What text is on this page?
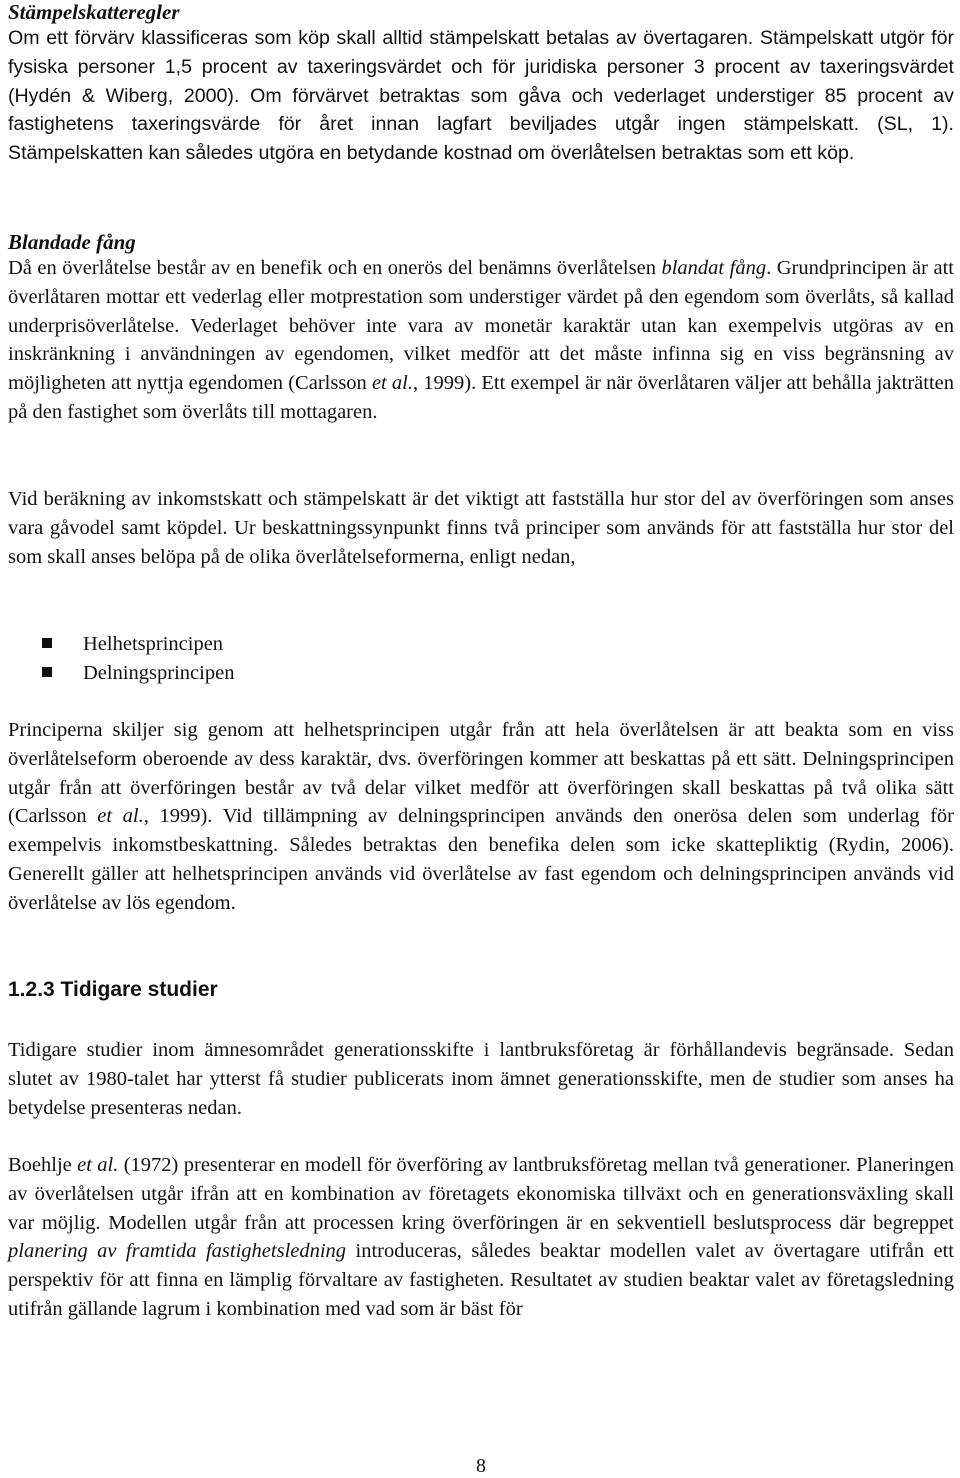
Stämpelskatteregler

Om ett förvärv klassificeras som köp skall alltid stämpelskatt betalas av övertagaren. Stämpelskatt utgör för fysiska personer 1,5 procent av taxeringsvärdet och för juridiska personer 3 procent av taxeringsvärdet (Hydén & Wiberg, 2000). Om förvärvet betraktas som gåva och vederlaget understiger 85 procent av fastighetens taxeringsvärde för året innan lagfart beviljades utgår ingen stämpelskatt. (SL, 1). Stämpelskatten kan således utgöra en betydande kostnad om överlåtelsen betraktas som ett köp.

Blandade fång

Då en överlåtelse består av en benefik och en onerös del benämns överlåtelsen blandat fång. Grundprincipen är att överlåtaren mottar ett vederlag eller motprestation som understiger värdet på den egendom som överlåts, så kallad underprisöverlåtelse. Vederlaget behöver inte vara av monetär karaktär utan kan exempelvis utgöras av en inskränkning i användningen av egendomen, vilket medför att det måste infinna sig en viss begränsning av möjligheten att nyttja egendomen (Carlsson et al., 1999). Ett exempel är när överlåtaren väljer att behålla jakträtten på den fastighet som överlåts till mottagaren.

Vid beräkning av inkomstskatt och stämpelskatt är det viktigt att fastställa hur stor del av överföringen som anses vara gåvodel samt köpdel. Ur beskattningssynpunkt finns två principer som används för att fastställa hur stor del som skall anses belöpa på de olika överlåtelseformerna, enligt nedan,

Helhetsprincipen
Delningsprincipen

Principerna skiljer sig genom att helhetsprincipen utgår från att hela överlåtelsen är att beakta som en viss överlåtelseform oberoende av dess karaktär, dvs. överföringen kommer att beskattas på ett sätt. Delningsprincipen utgår från att överföringen består av två delar vilket medför att överföringen skall beskattas på två olika sätt (Carlsson et al., 1999). Vid tillämpning av delningsprincipen används den onerösa delen som underlag för exempelvis inkomstbeskattning. Således betraktas den benefika delen som icke skattepliktig (Rydin, 2006). Generellt gäller att helhetsprincipen används vid överlåtelse av fast egendom och delningsprincipen används vid överlåtelse av lös egendom.

1.2.3 Tidigare studier

Tidigare studier inom ämnesområdet generationsskifte i lantbruksföretag är förhållandevis begränsade. Sedan slutet av 1980-talet har ytterst få studier publicerats inom ämnet generationsskifte, men de studier som anses ha betydelse presenteras nedan.

Boehlje et al. (1972) presenterar en modell för överföring av lantbruksföretag mellan två generationer. Planeringen av överlåtelsen utgår ifrån att en kombination av företagets ekonomiska tillväxt och en generationsväxling skall var möjlig. Modellen utgår från att processen kring överföringen är en sekventiell beslutsprocess där begreppet planering av framtida fastighetsledning introduceras, således beaktar modellen valet av övertagare utifrån ett perspektiv för att finna en lämplig förvaltare av fastigheten. Resultatet av studien beaktar valet av företagsledning utifrån gällande lagrum i kombination med vad som är bäst för

8
